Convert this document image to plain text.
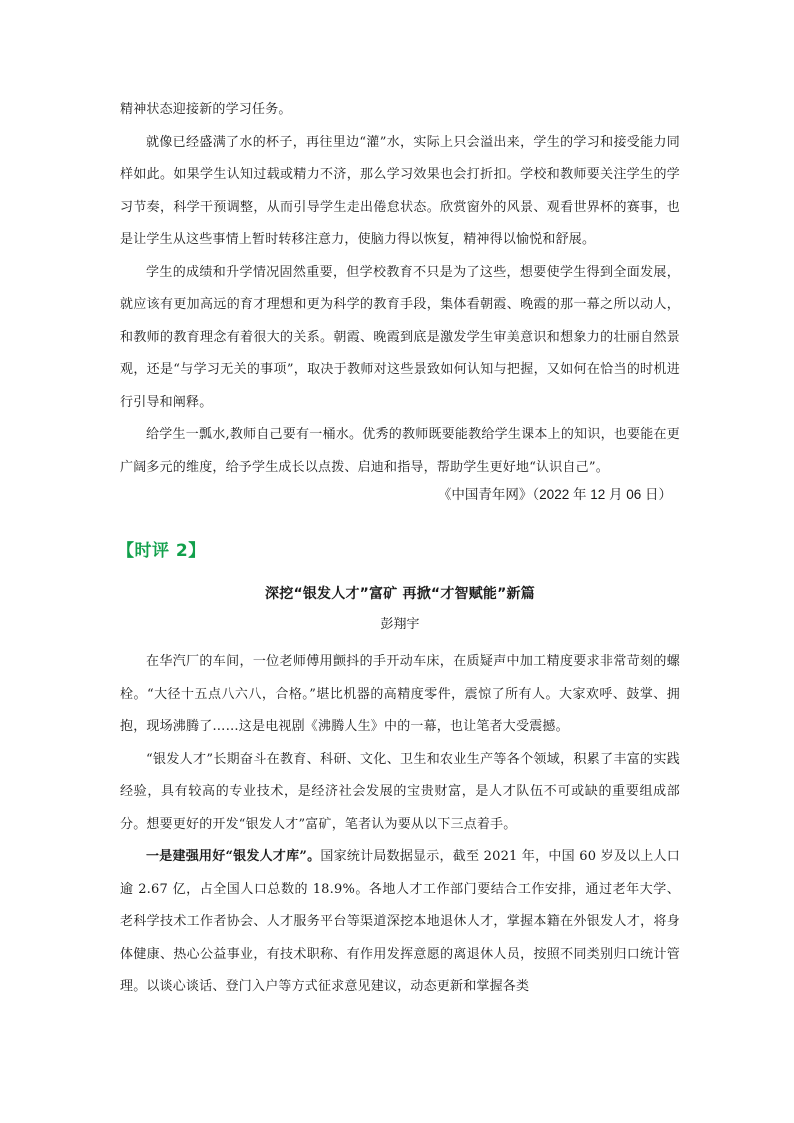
精神状态迎接新的学习任务。

就像已经盛满了水的杯子，再往里边“灌”水，实际上只会溢出来，学生的学习和接受能力同样如此。如果学生认知过载或精力不济，那么学习效果也会打折扣。学校和教师要关注学生的学习节奏，科学干预调整，从而引导学生走出倦怠状态。欣赏窗外的风景、观看世界杯的赛事，也是让学生从这些事情上暂时转移注意力，使脑力得以恢复，精神得以愉悦和舒展。

学生的成绩和升学情况固然重要，但学校教育不只是为了这些，想要使学生得到全面发展，就应该有更加高远的育才理想和更为科学的教育手段，集体看朝霞、晚霞的那一幕之所以动人，和教师的教育理念有着很大的关系。朝霞、晚霞到底是激发学生审美意识和想象力的壮丽自然景观，还是“与学习无关的事项”，取决于教师对这些景致如何认知与把握，又如何在恰当的时机进行引导和阐释。

给学生一瓢水,教师自己要有一桶水。优秀的教师既要能教给学生课本上的知识，也要能在更广阔多元的维度，给予学生成长以点拨、启迪和指导，帮助学生更好地“认识自己”。

《中国青年网》（2022 年 12 月 06 日）

【时评 2】
深挖“银发人才”富矿 再掀“才智赋能”新篇
彭翔宇

在华汽厂的车间，一位老师傅用颤抖的手开动车床，在质疑声中加工精度要求非常苛刻的螺栓。“大径十五点八六八，合格。”堪比机器的高精度零件，震惊了所有人。大家欢呼、鼓掌、拥抱，现场沸腾了……这是电视剧《沸腾人生》中的一幕，也让笔者大受震撼。

“银发人才”长期奋斗在教育、科研、文化、卫生和农业生产等各个领域，积累了丰富的实践经验，具有较高的专业技术，是经济社会发展的宝贵财富，是人才队伍不可或缺的重要组成部分。想要更好的开发“银发人才”富矿，笔者认为要从以下三点着手。

一是建强用好“银发人才库”。国家统计局数据显示，截至 2021 年，中国 60 岁及以上人口逾 2.67 亿，占全国人口总数的 18.9%。各地人才工作部门要结合工作安排，通过老年大学、老科学技术工作者协会、人才服务平台等渠道深挖本地退休人才，掌握本籍在外银发人才，将身体健康、热心公益事业，有技术职称、有作用发挥意愿的离退休人员，按照不同类别归口统计管理。以谈心谈话、登门入户等方式征求意见建议，动态更新和掌握各类
